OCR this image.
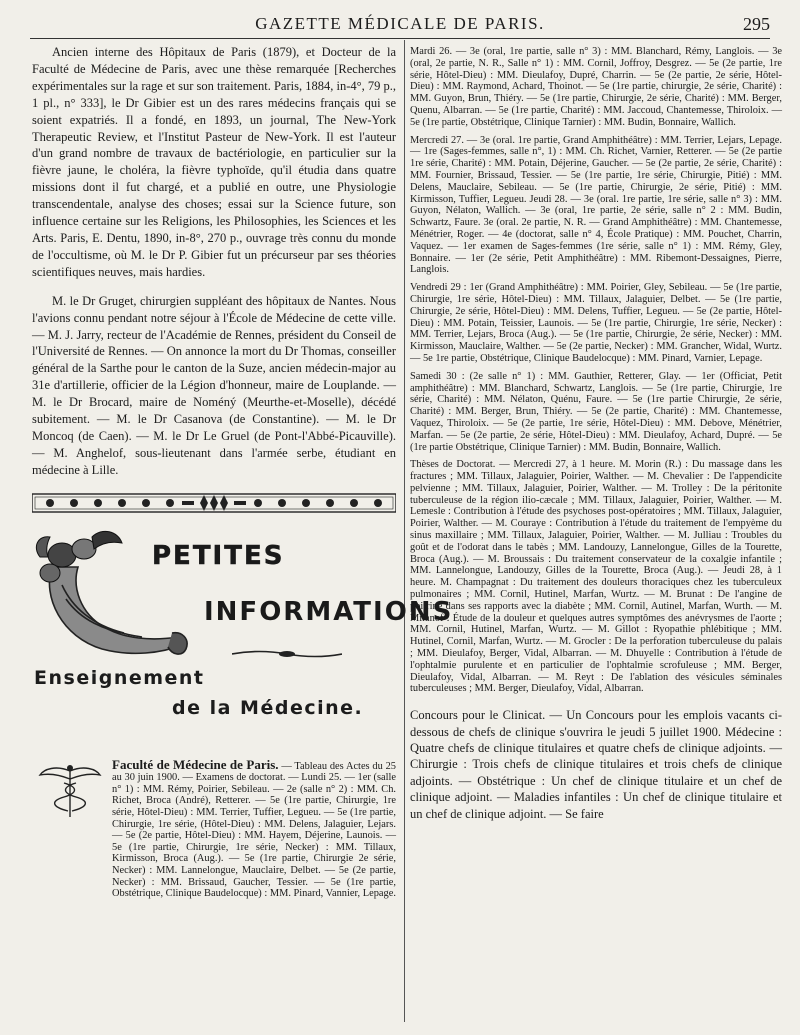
GAZETTE MÉDICALE DE PARIS.	295

Ancien interne des Hôpitaux de Paris (1879), et Docteur de la Faculté de Médecine de Paris, avec une thèse remarquée [Recherches expérimentales sur la rage et sur son traitement. Paris, 1884, in-4°, 79 p., 1 pl., n° 333], le Dr Gibier est un des rares médecins français qui se soient expatriés. Il a fondé, en 1893, un journal, The New-York Therapeutic Review, et l'Institut Pasteur de New-York. Il est l'auteur d'un grand nombre de travaux de bactériologie, en particulier sur la fièvre jaune, le choléra, la fièvre typhoïde, qu'il étudia dans quatre missions dont il fut chargé, et a publié en outre, une Physiologie transcendentale, analyse des choses; essai sur la Science future, son influence certaine sur les Religions, les Philosophies, les Sciences et les Arts. Paris, E. Dentu, 1890, in-8°, 270 p., ouvrage très connu du monde de l'occultisme, où M. le Dr P. Gibier fut un précurseur par ses théories scientifiques neuves, mais hardies.

M. le Dr Gruget, chirurgien suppléant des hôpitaux de Nantes. Nous l'avions connu pendant notre séjour à l'École de Médecine de cette ville. — M. J. Jarry, recteur de l'Académie de Rennes, président du Conseil de l'Université de Rennes. — On annonce la mort du Dr Thomas, conseiller général de la Sarthe pour le canton de la Suze, ancien médecin-major au 31e d'artillerie, officier de la Légion d'honneur, maire de Louplande. — M. le Dr Brocard, maire de Noméný (Meurthe-et-Moselle), décédé subitement. — M. le Dr Casanova (de Constantine). — M. le Dr Moncoq (de Caen). — M. le Dr Le Gruel (de Pont-l'Abbé-Picauville). — M. Anghelof, sous-lieutenant dans l'armée serbe, étudiant en médecine à Lille.

PETITES
INFORMATIONS
Enseignement
de la Médecine.

Faculté de Médecine de Paris. — Tableau des Actes du 25 au 30 juin 1900. — Examens de doctorat. — Lundi 25. — 1er (salle n° 1) : MM. Rémy, Poirier, Sebileau. — 2e (salle n° 2) : MM. Ch. Richet, Broca (André), Retterer. — 5e (1re partie, Chirurgie, 1re série, Hôtel-Dieu) : MM. Terrier, Tuffier, Legueu. — 5e (1re partie, Chirurgie, 1re série, (Hôtel-Dieu) : MM. Delens, Jalaguier, Lejars. — 5e (2e partie, Hôtel-Dieu) : MM. Hayem, Déjerine, Launois. — 5e (1re partie, Chirurgie, 1re série, Necker) : MM. Tillaux, Kirmisson, Broca (Aug.). — 5e (1re partie, Chirurgie 2e série, Necker) : MM. Lannelongue, Mauclaire, Delbet. — 5e (2e partie, Necker) : MM. Brissaud, Gaucher, Tessier. — 5e (1re partie, Obstétrique, Clinique Baudelocque) : MM. Pinard, Vannier, Lepage.

Mardi 26. — 3e (oral, 1re partie, salle n° 3) : MM. Blanchard, Rémy, Langlois. — 3e (oral, 2e partie, N. R., Salle n° 1) : MM. Cornil, Joffroy, Desgrez. — 5e (2e partie, 1re série, Hôtel-Dieu) : MM. Dieulafoy, Dupré, Charrin. — 5e (2e partie, 2e série, Hôtel-Dieu) : MM. Raymond, Achard, Thoinot. — 5e (1re partie, chirurgie, 2e série, Charité) : MM. Guyon, Brun, Thiéry. — 5e (1re partie, Chirurgie, 2e série, Charité) : MM. Berger, Quenu, Albarran. — 5e (1re partie, Charité) : MM. Jaccoud, Chantemesse, Thiroloix. — 5e (1re partie, Obstétrique, Clinique Tarnier) : MM. Budin, Bonnaire, Wallich.

Mercredi 27. — 3e (oral. 1re partie, Grand Amphithéâtre) : MM. Terrier, Lejars, Lepage. — 1re (Sages-femmes, salle n°, 1) : MM. Ch. Richet, Varnier, Retterer. — 5e (2e partie 1re série, Charité) : MM. Potain, Déjerine, Gaucher. — 5e (2e partie, 2e série, Charité) : MM. Fournier, Brissaud, Tessier. — 5e (1re partie, 1re série, Chirurgie, Pitié) : MM. Delens, Mauclaire, Sebileau. — 5e (1re partie, Chirurgie, 2e série, Pitié) : MM. Kirmisson, Tuffier, Legueu. Jeudi 28. — 3e (oral. 1re partie, 1re série, salle n° 3) : MM. Guyon, Nélaton, Wallich. — 3e (oral, 1re partie, 2e série, salle n° 2 : MM. Budin, Schwartz, Faure. 3e (oral. 2e partie, N. R. — Grand Amphithéâtre) : MM. Chantemesse, Ménétrier, Roger. — 4e (doctorat, salle n° 4, École Pratique) : MM. Pouchet, Charrin, Vaquez. — 1er examen de Sages-femmes (1re série, salle n° 1) : MM. Rémy, Gley, Bonnaire. — 1er (2e série, Petit Amphithéâtre) : MM. Ribemont-Dessaignes, Pierre, Langlois.

Vendredi 29 : 1er (Grand Amphithéâtre) : MM. Poirier, Gley, Sebileau. — 5e (1re partie, Chirurgie, 1re série, Hôtel-Dieu) : MM. Tillaux, Jalaguier, Delbet. — 5e (1re partie, Chirurgie, 2e série, Hôtel-Dieu) : MM. Delens, Tuffier, Legueu. — 5e (2e partie, Hôtel-Dieu) : MM. Potain, Teissier, Launois. — 5e (1re partie, Chirurgie, 1re série, Necker) : MM. Terrier, Lejars, Broca (Aug.). — 5e (1re partie, Chirurgie, 2e série, Necker) : MM. Kirmisson, Mauclaire, Walther. — 5e (2e partie, Necker) : MM. Grancher, Widal, Wurtz. — 5e 1re partie, Obstétrique, Clinique Baudelocque) : MM. Pinard, Varnier, Lepage.

Samedi 30 : (2e salle n° 1) : MM. Gauthier, Retterer, Glay. — 1er (Officiat, Petit amphithéâtre) : MM. Blanchard, Schwartz, Langlois. — 5e (1re partie, Chirurgie, 1re série, Charité) : MM. Nélaton, Quénu, Faure. — 5e (1re partie Chirurgie, 2e série, Charité) : MM. Berger, Brun, Thiéry. — 5e (2e partie, Charité) : MM. Chantemesse, Vaquez, Thiroloix. — 5e (2e partie, 1re série, Hôtel-Dieu) : MM. Debove, Ménétrier, Marfan. — 5e (2e partie, 2e série, Hôtel-Dieu) : MM. Dieulafoy, Achard, Dupré. — 5e (1re partie Obstétrique, Clinique Tarnier) : MM. Budin, Bonnaire, Wallich.

Thèses de Doctorat. — Mercredi 27, à 1 heure. M. Morin (R.) : Du massage dans les fractures ; MM. Tillaux, Jalaguier, Poirier, Walther. — M. Chevalier : De l'appendicite pelvienne ; MM. Tillaux, Jalaguier, Poirier, Walther. — M. Trolley : De la péritonite tuberculeuse de la région ilio-cæcale ; MM. Tillaux, Jalaguier, Poirier, Walther. — M. Lemesle : Contribution à l'étude des psychoses post-opératoires ; MM. Tillaux, Jalaguier, Poirier, Walther. — M. Couraye : Contribution à l'étude du traitement de l'empyème du sinus maxillaire ; MM. Tillaux, Jalaguier, Poirier, Walther. — M. Julliau : Troubles du goût et de l'odorat dans le tabès ; MM. Landouzy, Lannelongue, Gilles de la Tourette, Broca (Aug.). — M. Broussais : Du traitement conservateur de la coxalgie infantile ; MM. Lannelongue, Landouzy, Gilles de la Tourette, Broca (Aug.). — Jeudi 28, à 1 heure. M. Champagnat : Du traitement des douleurs thoraciques chez les tuberculeux pulmonaires ; MM. Cornil, Hutinel, Marfan, Wurtz. — M. Brunat : De l'angine de poitrine dans ses rapports avec la diabète ; MM. Cornil, Autinel, Marfan, Wurth. — M. Milanof : Étude de la douleur et quelques autres symptômes des anévrysmes de l'aorte ; MM. Cornil, Hutinel, Marfan, Wurtz. — M. Gillot : Ryopathie phlébitique ; MM. Hutinel, Cornil, Marfan, Wurtz. — M. Grocler : De la perforation tuberculeuse du palais ; MM. Dieulafoy, Berger, Vidal, Albarran. — M. Dhuyelle : Contribution à l'étude de l'ophtalmie purulente et en particulier de l'ophtalmie scrofuleuse ; MM. Berger, Dieulafoy, Vidal, Albarran. — M. Reyt : De l'ablation des vésicules séminales tuberculeuses ; MM. Berger, Dieulafoy, Vidal, Albarran.

Concours pour le Clinicat. — Un Concours pour les emplois vacants ci-dessous de chefs de clinique s'ouvrira le jeudi 5 juillet 1900. Médecine : Quatre chefs de clinique titulaires et quatre chefs de clinique adjoints. — Chirurgie : Trois chefs de clinique titulaires et trois chefs de clinique adjoints. — Obstétrique : Un chef de clinique titulaire et un chef de clinique adjoint. — Maladies infantiles : Un chef de clinique titulaire et un chef de clinique adjoint. — Se faire
